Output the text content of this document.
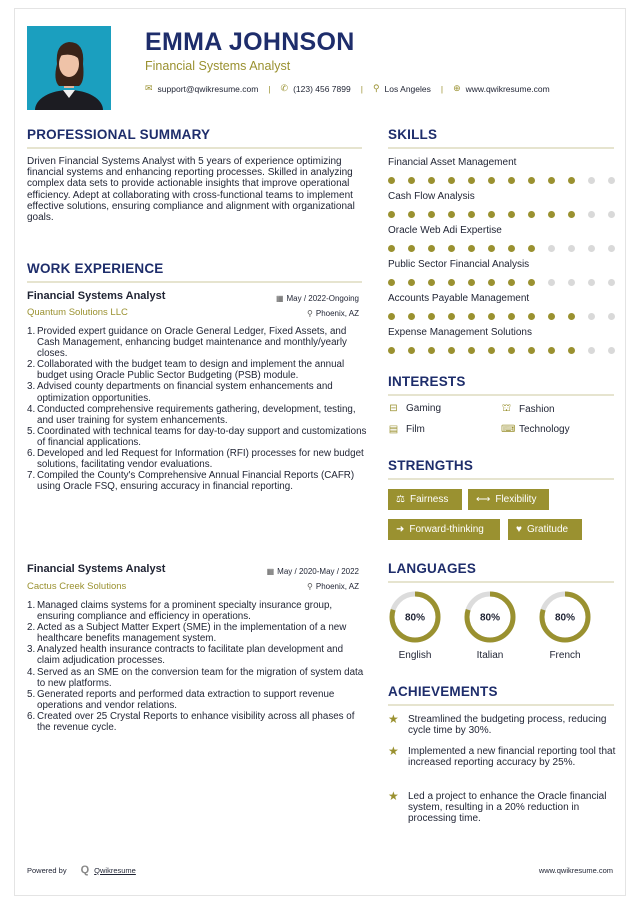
EMMA JOHNSON
Financial Systems Analyst
✉ support@qwikresume.com | ✆ (123) 456 7899 | ⚲ Los Angeles | ⊕ www.qwikresume.com
PROFESSIONAL SUMMARY
Driven Financial Systems Analyst with 5 years of experience optimizing financial systems and enhancing reporting processes. Skilled in analyzing complex data sets to provide actionable insights that improve operational efficiency. Adept at collaborating with cross-functional teams to implement effective solutions, ensuring compliance and alignment with organizational goals.
WORK EXPERIENCE
Financial Systems Analyst
Quantum Solutions LLC
▦ May / 2022-Ongoing
⚲ Phoenix, AZ
1. Provided expert guidance on Oracle General Ledger, Fixed Assets, and Cash Management, enhancing budget maintenance and monthly/yearly closes.
2. Collaborated with the budget team to design and implement the annual budget using Oracle Public Sector Budgeting (PSB) module.
3. Advised county departments on financial system enhancements and optimization opportunities.
4. Conducted comprehensive requirements gathering, development, testing, and user training for system enhancements.
5. Coordinated with technical teams for day-to-day support and customizations of financial applications.
6. Developed and led Request for Information (RFI) processes for new budget solutions, facilitating vendor evaluations.
7. Compiled the County's Comprehensive Annual Financial Reports (CAFR) using Oracle FSQ, ensuring accuracy in financial reporting.
Financial Systems Analyst
Cactus Creek Solutions
▦ May / 2020-May / 2022
⚲ Phoenix, AZ
1. Managed claims systems for a prominent specialty insurance group, ensuring compliance and efficiency in operations.
2. Acted as a Subject Matter Expert (SME) in the implementation of a new healthcare benefits management system.
3. Analyzed health insurance contracts to facilitate plan development and claim adjudication processes.
4. Served as an SME on the conversion team for the migration of system data to new platforms.
5. Generated reports and performed data extraction to support revenue operations and vendor relations.
6. Created over 25 Crystal Reports to enhance visibility across all phases of the revenue cycle.
SKILLS
Financial Asset Management
Cash Flow Analysis
Oracle Web Adi Expertise
Public Sector Financial Analysis
Accounts Payable Management
Expense Management Solutions
INTERESTS
⊟ Gaming	⛫ Fashion
▤ Film	⌨ Technology
STRENGTHS
⚖ Fairness	⟷ Flexibility
➜ Forward-thinking	♥ Gratitude
LANGUAGES
80%
English
80%
Italian
80%
French
ACHIEVEMENTS
★ Streamlined the budgeting process, reducing cycle time by 30%.
★ Implemented a new financial reporting tool that increased reporting accuracy by 25%.
★ Led a project to enhance the Oracle financial system, resulting in a 20% reduction in processing time.
Powered by Q Qwikresume	www.qwikresume.com
